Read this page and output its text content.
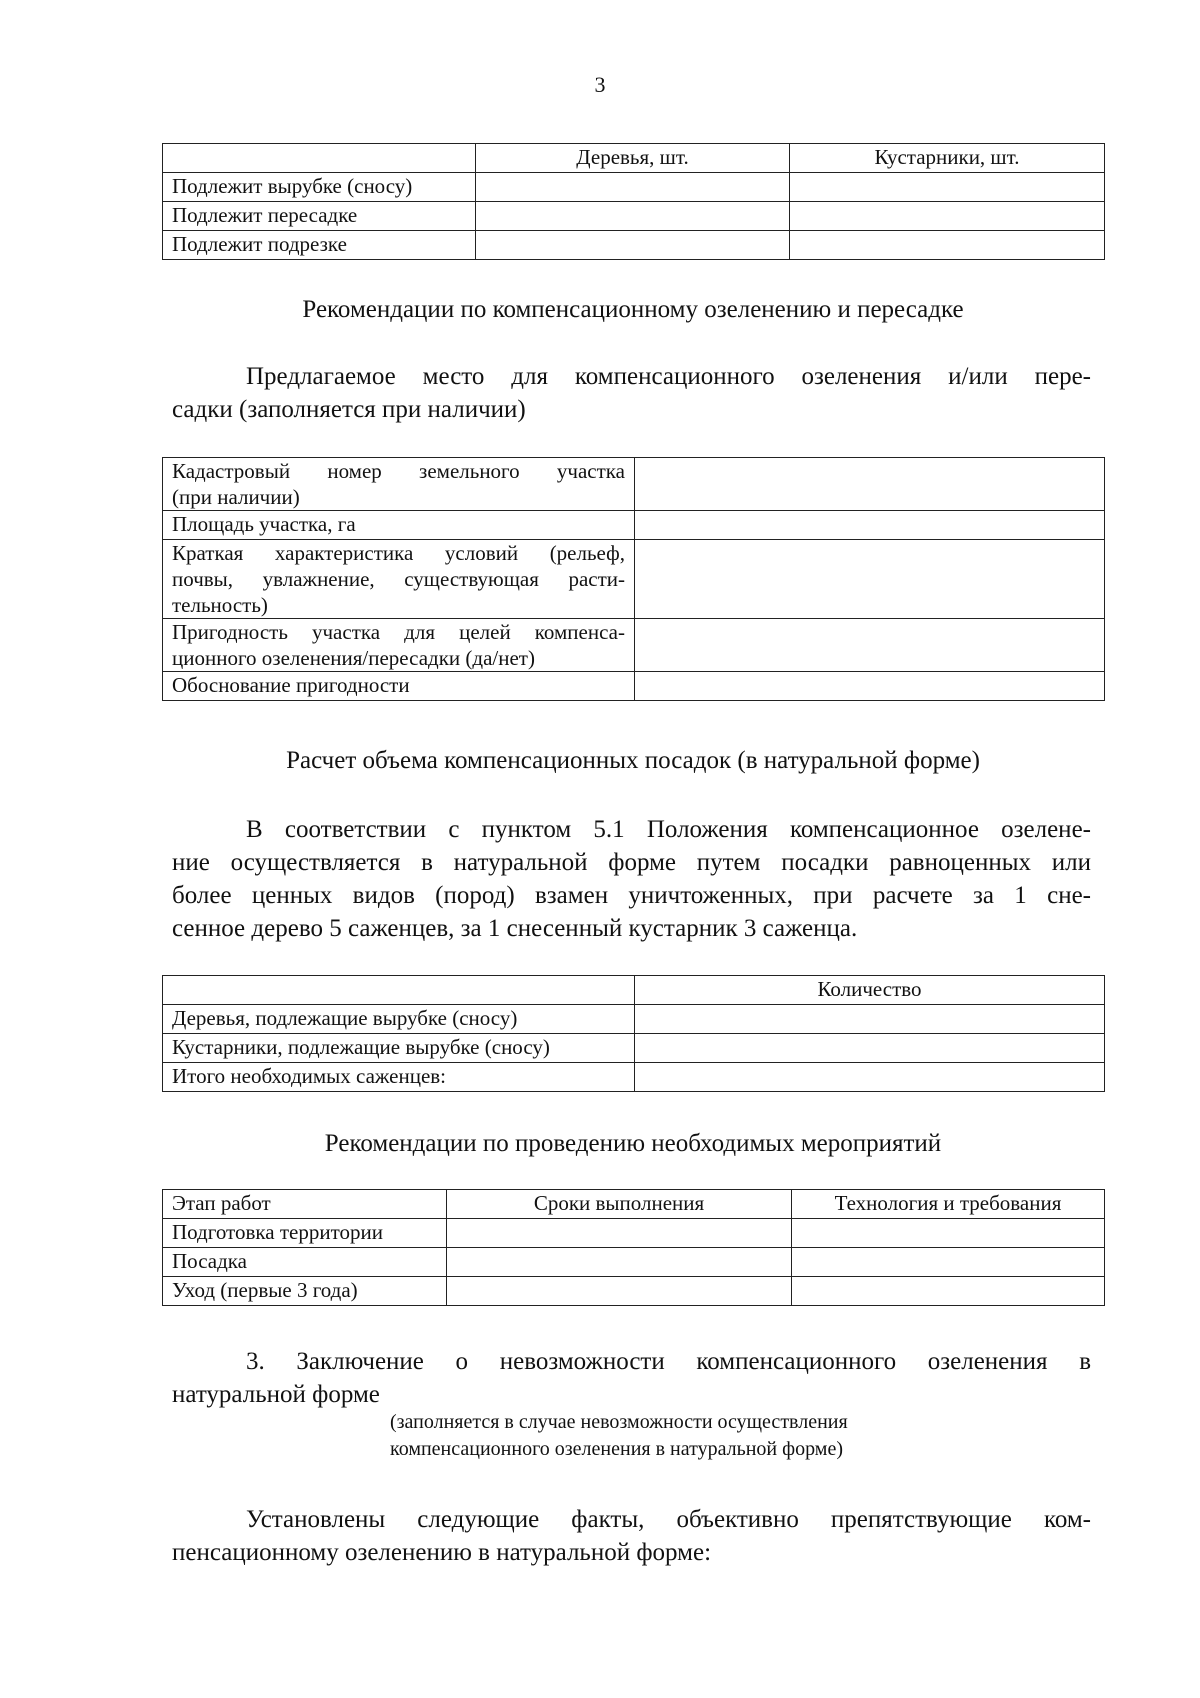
3
	Деревья, шт.	Кустарники, шт.
Подлежит вырубке (сносу)		
Подлежит пересадке		
Подлежит подрезке		
Рекомендации по компенсационному озеленению и пересадке
Предлагаемое место для компенсационного озеленения и/или пере-
садки (заполняется при наличии)
Кадастровый номер земельного участка
(при наличии)	

Площадь участка, га	

Краткая характеристика условий (рельеф,
почвы, увлажнение, существующая расти-
тельность)	

Пригодность участка для целей компенса-
ционного озеленения/пересадки (да/нет)	

Обоснование пригодности	

Расчет объема компенсационных посадок (в натуральной форме)
В соответствии с пунктом 5.1 Положения компенсационное озелене-
ние осуществляется в натуральной форме путем посадки равноценных или
более ценных видов (пород) взамен уничтоженных, при расчете за 1 сне-
сенное дерево 5 саженцев, за 1 снесенный кустарник 3 саженца.
	Количество
Деревья, подлежащие вырубке (сносу)	
Кустарники, подлежащие вырубке (сносу)	
Итого необходимых саженцев:	
Рекомендации по проведению необходимых мероприятий
Этап работ	Сроки выполнения	Технология и требования
Подготовка территории		
Посадка		
Уход (первые 3 года)		
3. Заключение о невозможности компенсационного озеленения в
натуральной форме
(заполняется в случае невозможности осуществления
компенсационного озеленения в натуральной форме)
Установлены следующие факты, объективно препятствующие ком-
пенсационному озеленению в натуральной форме:
